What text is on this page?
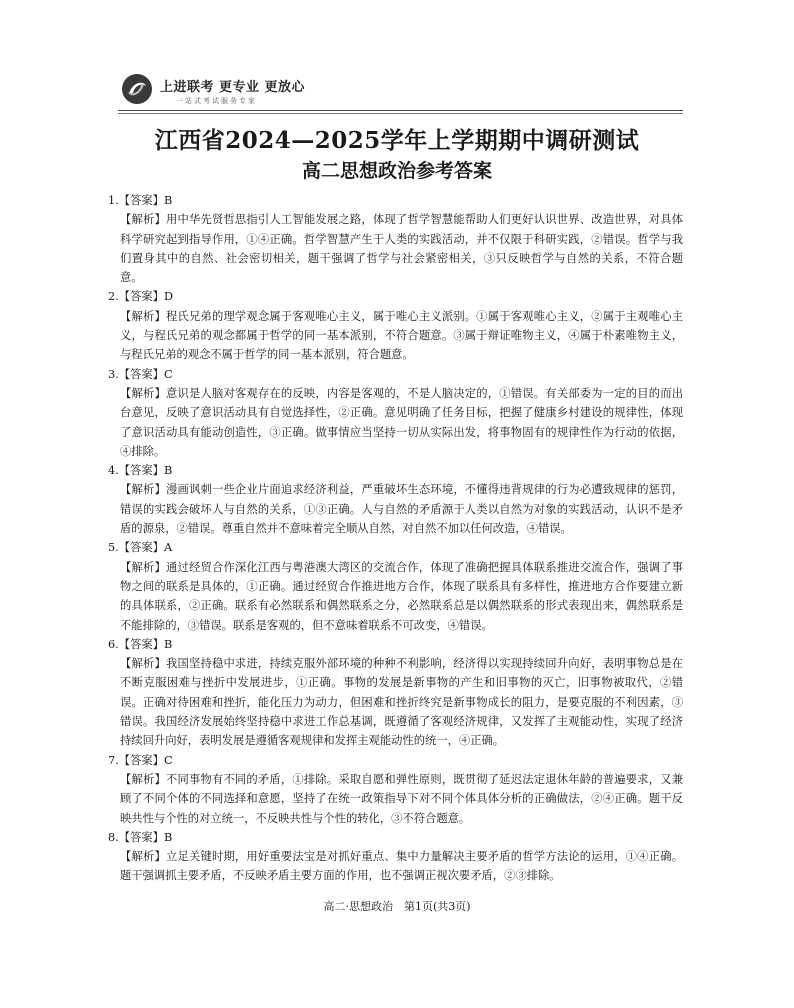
上进联考 更专业 更放心
一站式考试服务专家
江西省2024—2025学年上学期期中调研测试
高二思想政治参考答案
1.【答案】B
【解析】用中华先贤哲思指引人工智能发展之路，体现了哲学智慧能帮助人们更好认识世界、改造世界，对具体科学研究起到指导作用，①④正确。哲学智慧产生于人类的实践活动，并不仅限于科研实践，②错误。哲学与我们置身其中的自然、社会密切相关，题干强调了哲学与社会紧密相关，③只反映哲学与自然的关系，不符合题意。
2.【答案】D
【解析】程氏兄弟的理学观念属于客观唯心主义，属于唯心主义派别。①属于客观唯心主义，②属于主观唯心主义，与程氏兄弟的观念都属于哲学的同一基本派别，不符合题意。③属于辩证唯物主义，④属于朴素唯物主义，与程氏兄弟的观念不属于哲学的同一基本派别，符合题意。
3.【答案】C
【解析】意识是人脑对客观存在的反映，内容是客观的，不是人脑决定的，①错误。有关部委为一定的目的而出台意见，反映了意识活动具有自觉选择性，②正确。意见明确了任务目标，把握了健康乡村建设的规律性，体现了意识活动具有能动创造性，③正确。做事情应当坚持一切从实际出发，将事物固有的规律性作为行动的依据，④排除。
4.【答案】B
【解析】漫画讽刺一些企业片面追求经济利益，严重破坏生态环境，不懂得违背规律的行为必遭致规律的惩罚，错误的实践会破坏人与自然的关系，①③正确。人与自然的矛盾源于人类以自然为对象的实践活动，认识不是矛盾的源泉，②错误。尊重自然并不意味着完全顺从自然，对自然不加以任何改造，④错误。
5.【答案】A
【解析】通过经贸合作深化江西与粤港澳大湾区的交流合作，体现了准确把握具体联系推进交流合作，强调了事物之间的联系是具体的，①正确。通过经贸合作推进地方合作，体现了联系具有多样性，推进地方合作要建立新的具体联系，②正确。联系有必然联系和偶然联系之分，必然联系总是以偶然联系的形式表现出来，偶然联系是不能排除的，③错误。联系是客观的，但不意味着联系不可改变，④错误。
6.【答案】B
【解析】我国坚持稳中求进，持续克服外部环境的种种不利影响，经济得以实现持续回升向好，表明事物总是在不断克服困难与挫折中发展进步，①正确。事物的发展是新事物的产生和旧事物的灭亡，旧事物被取代，②错误。正确对待困难和挫折，能化压力为动力，但困难和挫折终究是新事物成长的阻力，是要克服的不利因素，③错误。我国经济发展始终坚持稳中求进工作总基调，既遵循了客观经济规律，又发挥了主观能动性，实现了经济持续回升向好，表明发展是遵循客观规律和发挥主观能动性的统一，④正确。
7.【答案】C
【解析】不同事物有不同的矛盾，①排除。采取自愿和弹性原则，既贯彻了延迟法定退休年龄的普遍要求，又兼顾了不同个体的不同选择和意愿，坚持了在统一政策指导下对不同个体具体分析的正确做法，②④正确。题干反映共性与个性的对立统一，不反映共性与个性的转化，③不符合题意。
8.【答案】B
【解析】立足关键时期，用好重要法宝是对抓好重点、集中力量解决主要矛盾的哲学方法论的运用，①④正确。题干强调抓主要矛盾，不反映矛盾主要方面的作用，也不强调正视次要矛盾，②③排除。
高二·思想政治　第1页(共3页)
